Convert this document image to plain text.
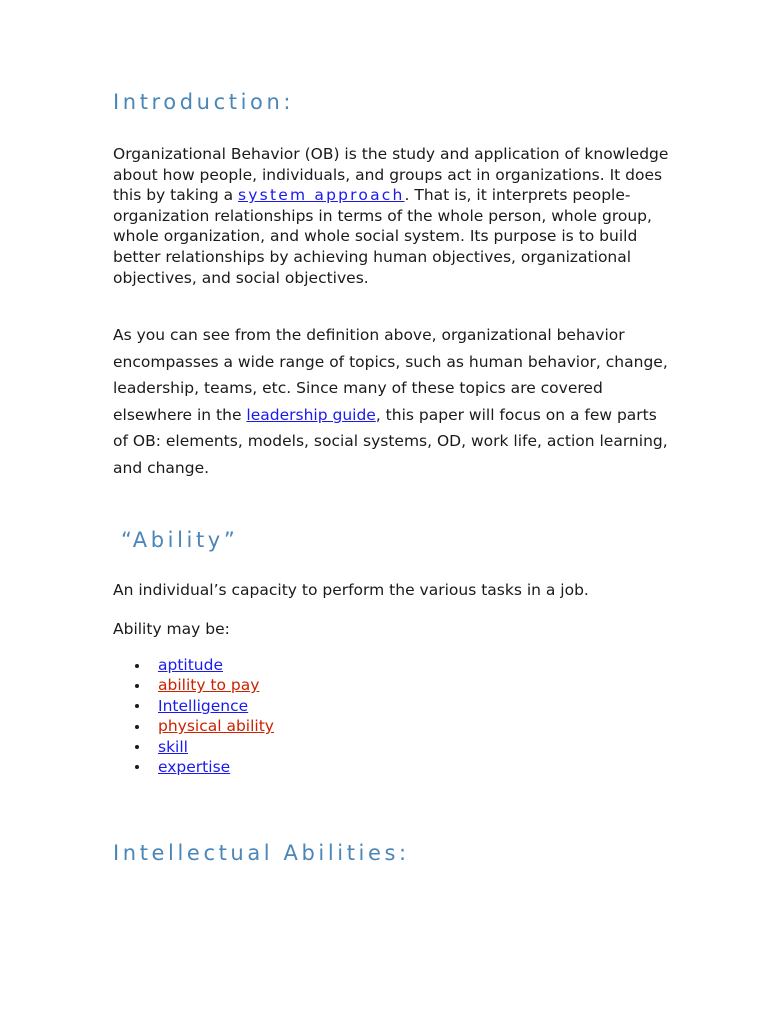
Introduction:

Organizational Behavior (OB) is the study and application of knowledge about how people, individuals, and groups act in organizations. It does this by taking a system approach. That is, it interprets people-organization relationships in terms of the whole person, whole group, whole organization, and whole social system. Its purpose is to build better relationships by achieving human objectives, organizational objectives, and social objectives.

As you can see from the definition above, organizational behavior encompasses a wide range of topics, such as human behavior, change, leadership, teams, etc. Since many of these topics are covered elsewhere in the leadership guide, this paper will focus on a few parts of OB: elements, models, social systems, OD, work life, action learning, and change.

“Ability”

An individual’s capacity to perform the various tasks in a job.

Ability may be:

aptitude
ability to pay
Intelligence
physical ability
skill
expertise
Intellectual Abilities:
